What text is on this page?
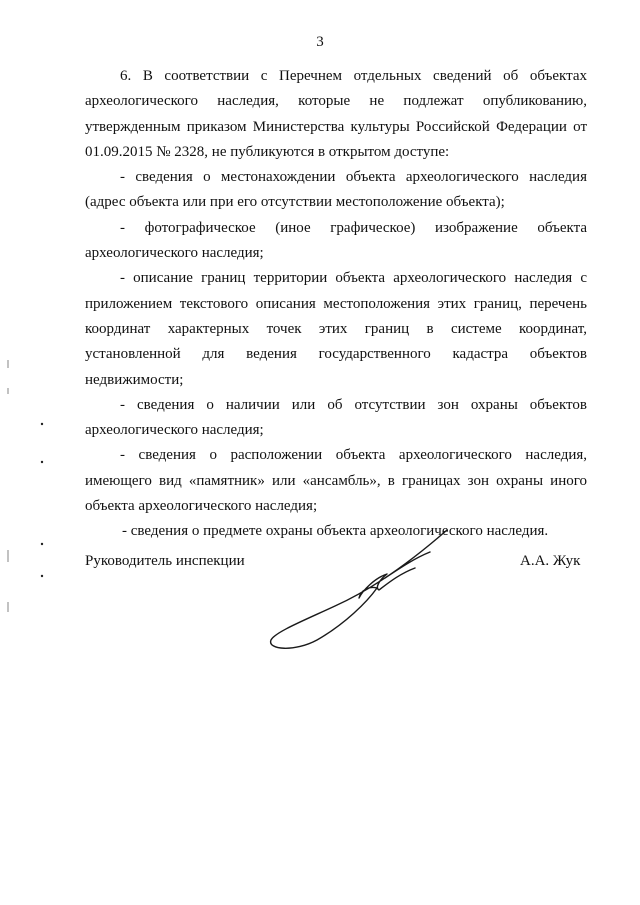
3

6. В соответствии с Перечнем отдельных сведений об объектах археологического наследия, которые не подлежат опубликованию, утвержденным приказом Министерства культуры Российской Федерации от 01.09.2015 № 2328, не публикуются в открытом доступе:

- сведения о местонахождении объекта археологического наследия (адрес объекта или при его отсутствии местоположение объекта);

- фотографическое (иное графическое) изображение объекта археологического наследия;

- описание границ территории объекта археологического наследия с приложением текстового описания местоположения этих границ, перечень координат характерных точек этих границ в системе координат, установленной для ведения государственного кадастра объектов недвижимости;

- сведения о наличии или об отсутствии зон охраны объектов археологического наследия;

- сведения о расположении объекта археологического наследия, имеющего вид «памятник» или «ансамбль», в границах зон охраны иного объекта археологического наследия;

- сведения о предмете охраны объекта археологического наследия.

Руководитель инспекции	А.А. Жук
